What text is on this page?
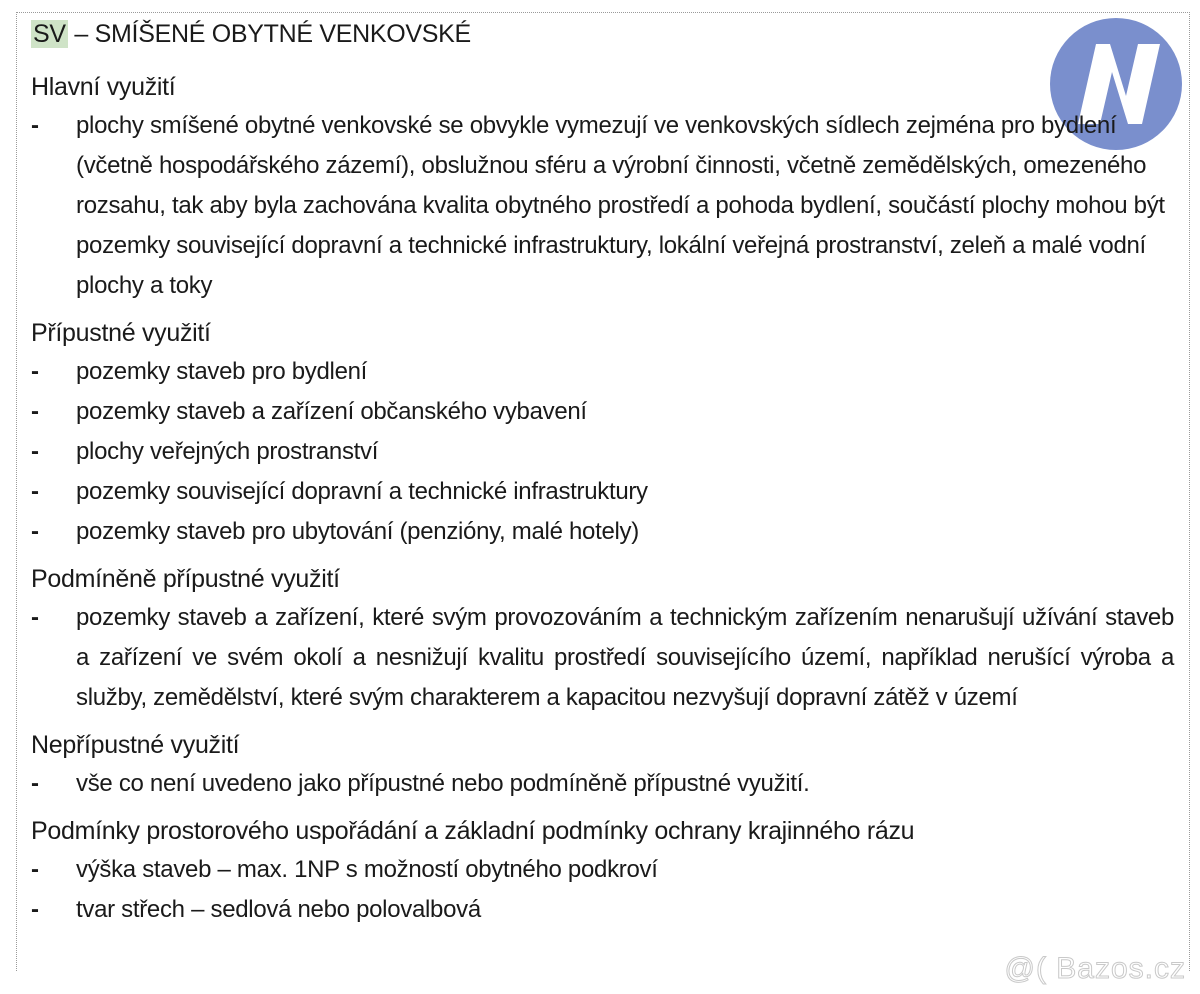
SV – SMÍŠENÉ OBYTNÉ VENKOVSKÉ
Hlavní využití
- plochy smíšené obytné venkovské se obvykle vymezují ve venkovských sídlech zejména pro bydlení (včetně hospodářského zázemí), obslužnou sféru a výrobní činnosti, včetně zemědělských, omezeného rozsahu, tak aby byla zachována kvalita obytného prostředí a pohoda bydlení, součástí plochy mohou být pozemky související dopravní a technické infrastruktury, lokální veřejná prostranství, zeleň a malé vodní plochy a toky
Přípustné využití
- pozemky staveb pro bydlení
- pozemky staveb a zařízení občanského vybavení
- plochy veřejných prostranství
- pozemky související dopravní a technické infrastruktury
- pozemky staveb pro ubytování (penzióny, malé hotely)
Podmíněně přípustné využití
- pozemky staveb a zařízení, které svým provozováním a technickým zařízením nenarušují užívání staveb a zařízení ve svém okolí a nesnižují kvalitu prostředí souvisejícího území, například nerušící výroba a služby, zemědělství, které svým charakterem a kapacitou nezvyšují dopravní zátěž v území
Nepřípustné využití
- vše co není uvedeno jako přípustné nebo podmíněně přípustné využití.
Podmínky prostorového uspořádání a základní podmínky ochrany krajinného rázu
- výška staveb – max. 1NP s možností obytného podkroví
- tvar střech – sedlová nebo polovalbová
@( Bazos.cz
